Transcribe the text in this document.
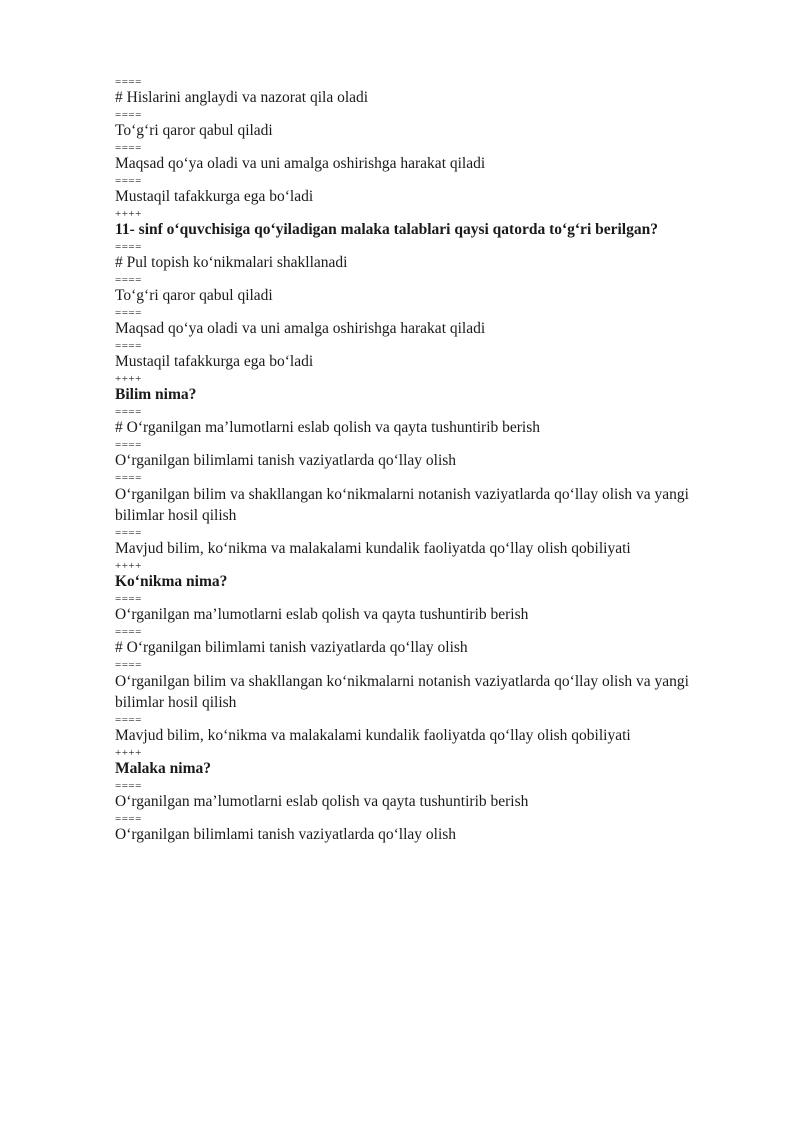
====
# Hislarini anglaydi va nazorat qila oladi
====
To‘g‘ri qaror qabul qiladi
====
Maqsad qo‘ya oladi va uni amalga oshirishga harakat qiladi
====
Mustaqil tafakkurga ega bo‘ladi
++++
11- sinf o‘quvchisiga qo‘yiladigan malaka talablari qaysi qatorda to‘g‘ri berilgan?
====
# Pul topish ko‘nikmalari shakllanadi
====
To‘g‘ri qaror qabul qiladi
====
Maqsad qo‘ya oladi va uni amalga oshirishga harakat qiladi
====
Mustaqil tafakkurga ega bo‘ladi
++++
Bilim nima?
====
# O‘rganilgan ma’lumotlarni eslab qolish va qayta tushuntirib berish
====
O‘rganilgan bilimlami tanish vaziyatlarda qo‘llay olish
====
O‘rganilgan bilim va shakllangan ko‘nikmalarni notanish vaziyatlarda qo‘llay olish va yangi bilimlar hosil qilish
====
Mavjud bilim, ko‘nikma va malakalami kundalik faoliyatda qo‘llay olish qobiliyati
++++
Ko‘nikma nima?
====
O‘rganilgan ma’lumotlarni eslab qolish va qayta tushuntirib berish
====
# O‘rganilgan bilimlami tanish vaziyatlarda qo‘llay olish
====
O‘rganilgan bilim va shakllangan ko‘nikmalarni notanish vaziyatlarda qo‘llay olish va yangi bilimlar hosil qilish
====
Mavjud bilim, ko‘nikma va malakalami kundalik faoliyatda qo‘llay olish qobiliyati
++++
Malaka nima?
====
O‘rganilgan ma’lumotlarni eslab qolish va qayta tushuntirib berish
====
O‘rganilgan bilimlami tanish vaziyatlarda qo‘llay olish
